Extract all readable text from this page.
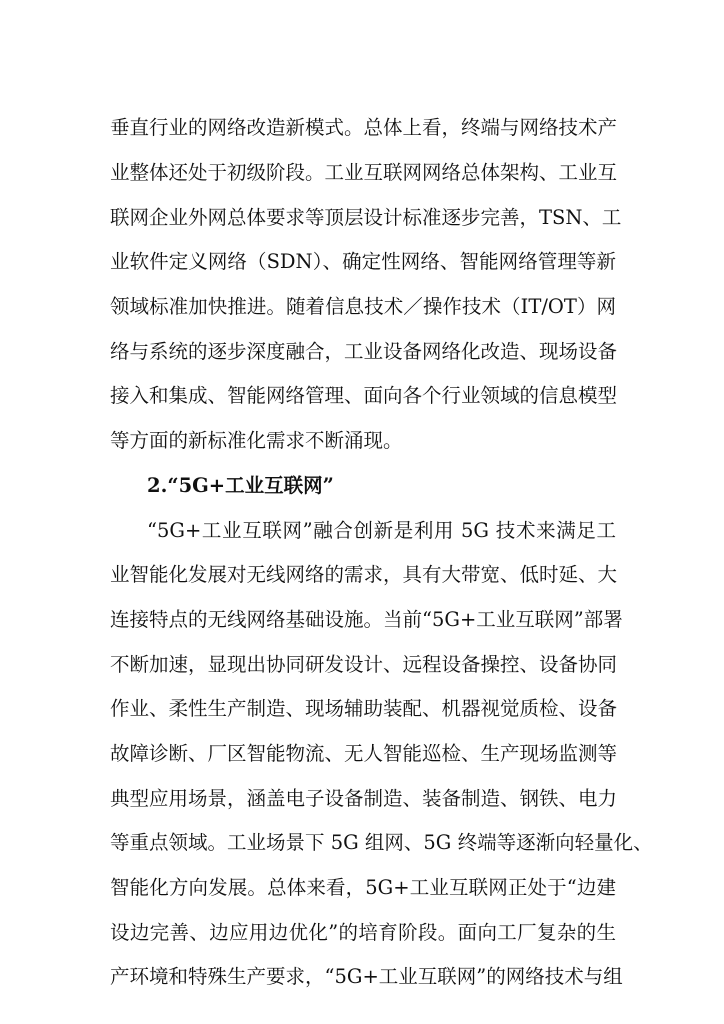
垂直行业的网络改造新模式。总体上看，终端与网络技术产
业整体还处于初级阶段。工业互联网网络总体架构、工业互
联网企业外网总体要求等顶层设计标准逐步完善，TSN、工
业软件定义网络（SDN）、确定性网络、智能网络管理等新
领域标准加快推进。随着信息技术／操作技术（IT/OT）网
络与系统的逐步深度融合，工业设备网络化改造、现场设备
接入和集成、智能网络管理、面向各个行业领域的信息模型
等方面的新标准化需求不断涌现。
2.“5G+工业互联网”
“5G+工业互联网”融合创新是利用 5G 技术来满足工
业智能化发展对无线网络的需求，具有大带宽、低时延、大
连接特点的无线网络基础设施。当前“5G+工业互联网”部署
不断加速，显现出协同研发设计、远程设备操控、设备协同
作业、柔性生产制造、现场辅助装配、机器视觉质检、设备
故障诊断、厂区智能物流、无人智能巡检、生产现场监测等
典型应用场景，涵盖电子设备制造、装备制造、钢铁、电力
等重点领域。工业场景下 5G 组网、5G 终端等逐渐向轻量化、
智能化方向发展。总体来看，5G+工业互联网正处于“边建
设边完善、边应用边优化”的培育阶段。面向工厂复杂的生
产环境和特殊生产要求，“5G+工业互联网”的网络技术与组
